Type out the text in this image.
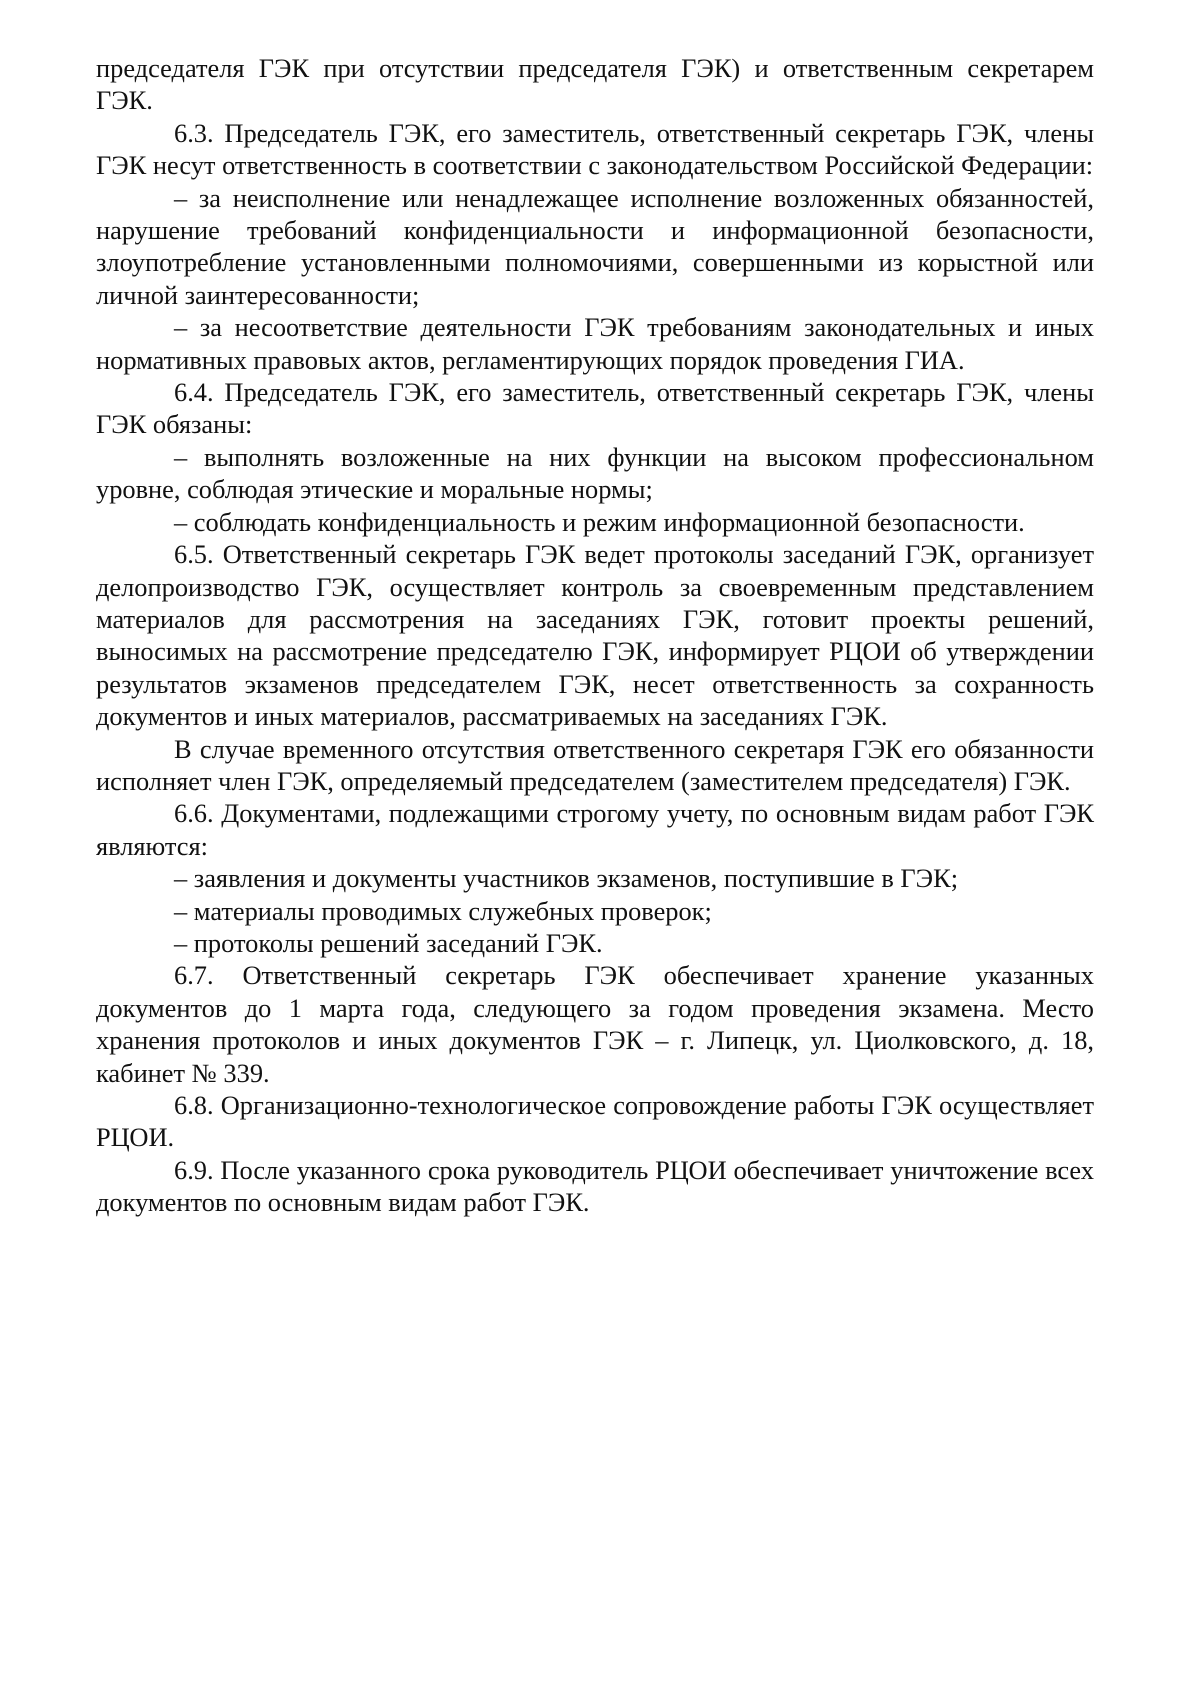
председателя ГЭК при отсутствии председателя ГЭК) и ответственным секретарем ГЭК.

6.3. Председатель ГЭК, его заместитель, ответственный секретарь ГЭК, члены ГЭК несут ответственность в соответствии с законодательством Российской Федерации:

– за неисполнение или ненадлежащее исполнение возложенных обязанностей, нарушение требований конфиденциальности и информационной безопасности, злоупотребление установленными полномочиями, совершенными из корыстной или личной заинтересованности;

– за несоответствие деятельности ГЭК требованиям законодательных и иных нормативных правовых актов, регламентирующих порядок проведения ГИА.

6.4. Председатель ГЭК, его заместитель, ответственный секретарь ГЭК, члены ГЭК обязаны:

– выполнять возложенные на них функции на высоком профессиональном уровне, соблюдая этические и моральные нормы;

– соблюдать конфиденциальность и режим информационной безопасности.

6.5. Ответственный секретарь ГЭК ведет протоколы заседаний ГЭК, организует делопроизводство ГЭК, осуществляет контроль за своевременным представлением материалов для рассмотрения на заседаниях ГЭК, готовит проекты решений, выносимых на рассмотрение председателю ГЭК, информирует РЦОИ об утверждении результатов экзаменов председателем ГЭК, несет ответственность за сохранность документов и иных материалов, рассматриваемых на заседаниях ГЭК.

В случае временного отсутствия ответственного секретаря ГЭК его обязанности исполняет член ГЭК, определяемый председателем (заместителем председателя) ГЭК.

6.6. Документами, подлежащими строгому учету, по основным видам работ ГЭК являются:

– заявления и документы участников экзаменов, поступившие в ГЭК;

– материалы проводимых служебных проверок;

– протоколы решений заседаний ГЭК.

6.7. Ответственный секретарь ГЭК обеспечивает хранение указанных документов до 1 марта года, следующего за годом проведения экзамена. Место хранения протоколов и иных документов ГЭК – г. Липецк, ул. Циолковского, д. 18, кабинет № 339.

6.8. Организационно-технологическое сопровождение работы ГЭК осуществляет РЦОИ.

6.9. После указанного срока руководитель РЦОИ обеспечивает уничтожение всех документов по основным видам работ ГЭК.
